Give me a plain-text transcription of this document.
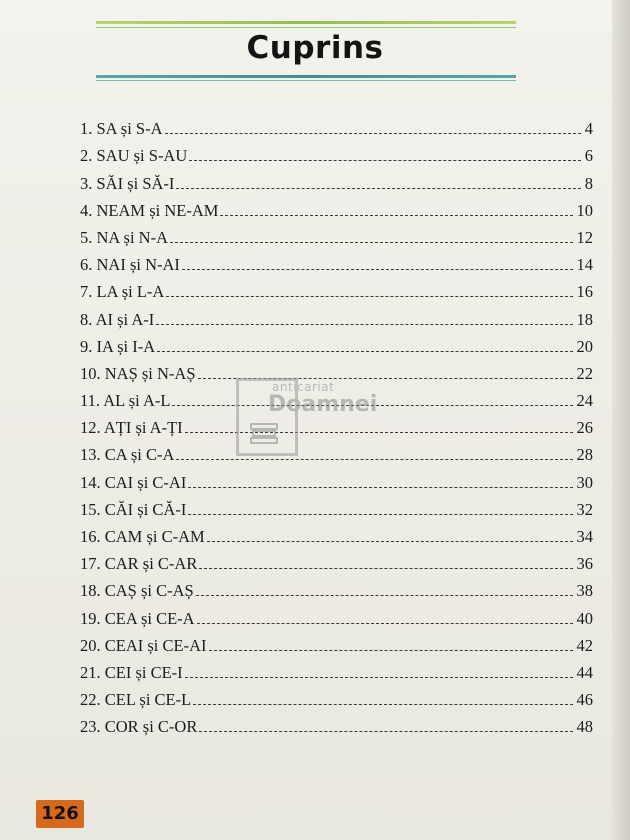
Cuprins
1. SA și S-A	4
2. SAU și S-AU	6
3. SĂI și SĂ-I	8
4. NEAM și NE-AM	10
5. NA și N-A	12
6. NAI și N-AI	14
7. LA și L-A	16
8. AI și A-I	18
9. IA și I-A	20
10. NAȘ și N-AȘ	22
11. AL și A-L	24
12. AȚI și A-ȚI	26
13. CA și C-A	28
14. CAI și C-AI	30
15. CĂI și CĂ-I	32
16. CAM și C-AM	34
17. CAR și C-AR	36
18. CAȘ și C-AȘ	38
19. CEA și CE-A	40
20. CEAI și CE-AI	42
21. CEI și CE-I	44
22. CEL și CE-L	46
23. COR și C-OR	48
anticariat
Doamnei
126
